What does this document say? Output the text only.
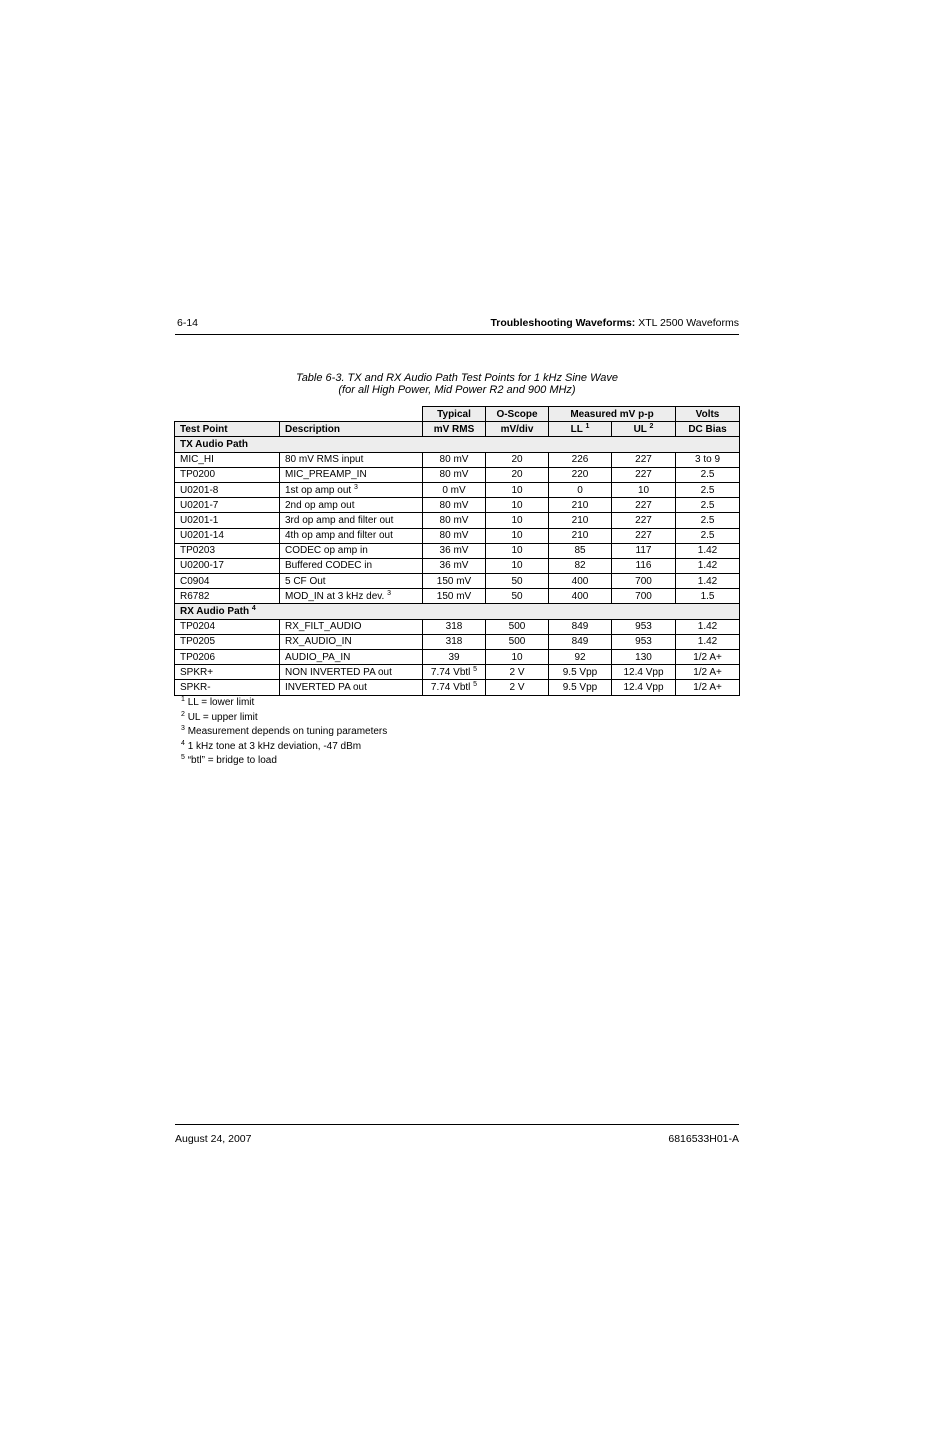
6-14	Troubleshooting Waveforms: XTL 2500 Waveforms
Table 6-3. TX and RX Audio Path Test Points for 1 kHz Sine Wave
(for all High Power, Mid Power R2 and 900 MHz)
		Typical	O-Scope	Measured mV p-p		Volts
Test Point	Description	mV RMS	mV/div	LL $^1$	UL $^2$	DC Bias
TX Audio Path						
MIC_HI	80 mV RMS input	80 mV	20	226	227	3 to 9
TP0200	MIC_PREAMP_IN	80 mV	20	220	227	2.5
U0201-8	1st op amp out $^3$	0 mV	10	0	10	2.5
U0201-7	2nd op amp out	80 mV	10	210	227	2.5
U0201-1	3rd op amp and filter out	80 mV	10	210	227	2.5
U0201-14	4th op amp and filter out	80 mV	10	210	227	2.5
TP0203	CODEC op amp in	36 mV	10	85	117	1.42
U0200-17	Buffered CODEC in	36 mV	10	82	116	1.42
C0904	5 CF Out	150 mV	50	400	700	1.42
R6782	MOD_IN at 3 kHz dev. $^3$	150 mV	50	400	700	1.5
RX Audio Path $^4$
TP0204	RX_FILT_AUDIO	318	500	849	953	1.42
TP0205	RX_AUDIO_IN	318	500	849	953	1.42
TP0206	AUDIO_PA_IN	39	10	92	130	1/2 A+
SPKR+	NON INVERTED PA out	7.74 Vbtl $^5$	2 V	9.5 Vpp	12.4 Vpp	1/2 A+
SPKR-	INVERTED PA out	7.74 Vbtl $^5$	2 V	9.5 Vpp	12.4 Vpp	1/2 A+
$^1$ LL = lower limit
$^2$ UL = upper limit
$^3$ Measurement depends on tuning parameters
$^4$ 1 kHz tone at 3 kHz deviation, -47 dBm
$^5$ “btl” = bridge to load
August 24, 2007	6816533H01-A
